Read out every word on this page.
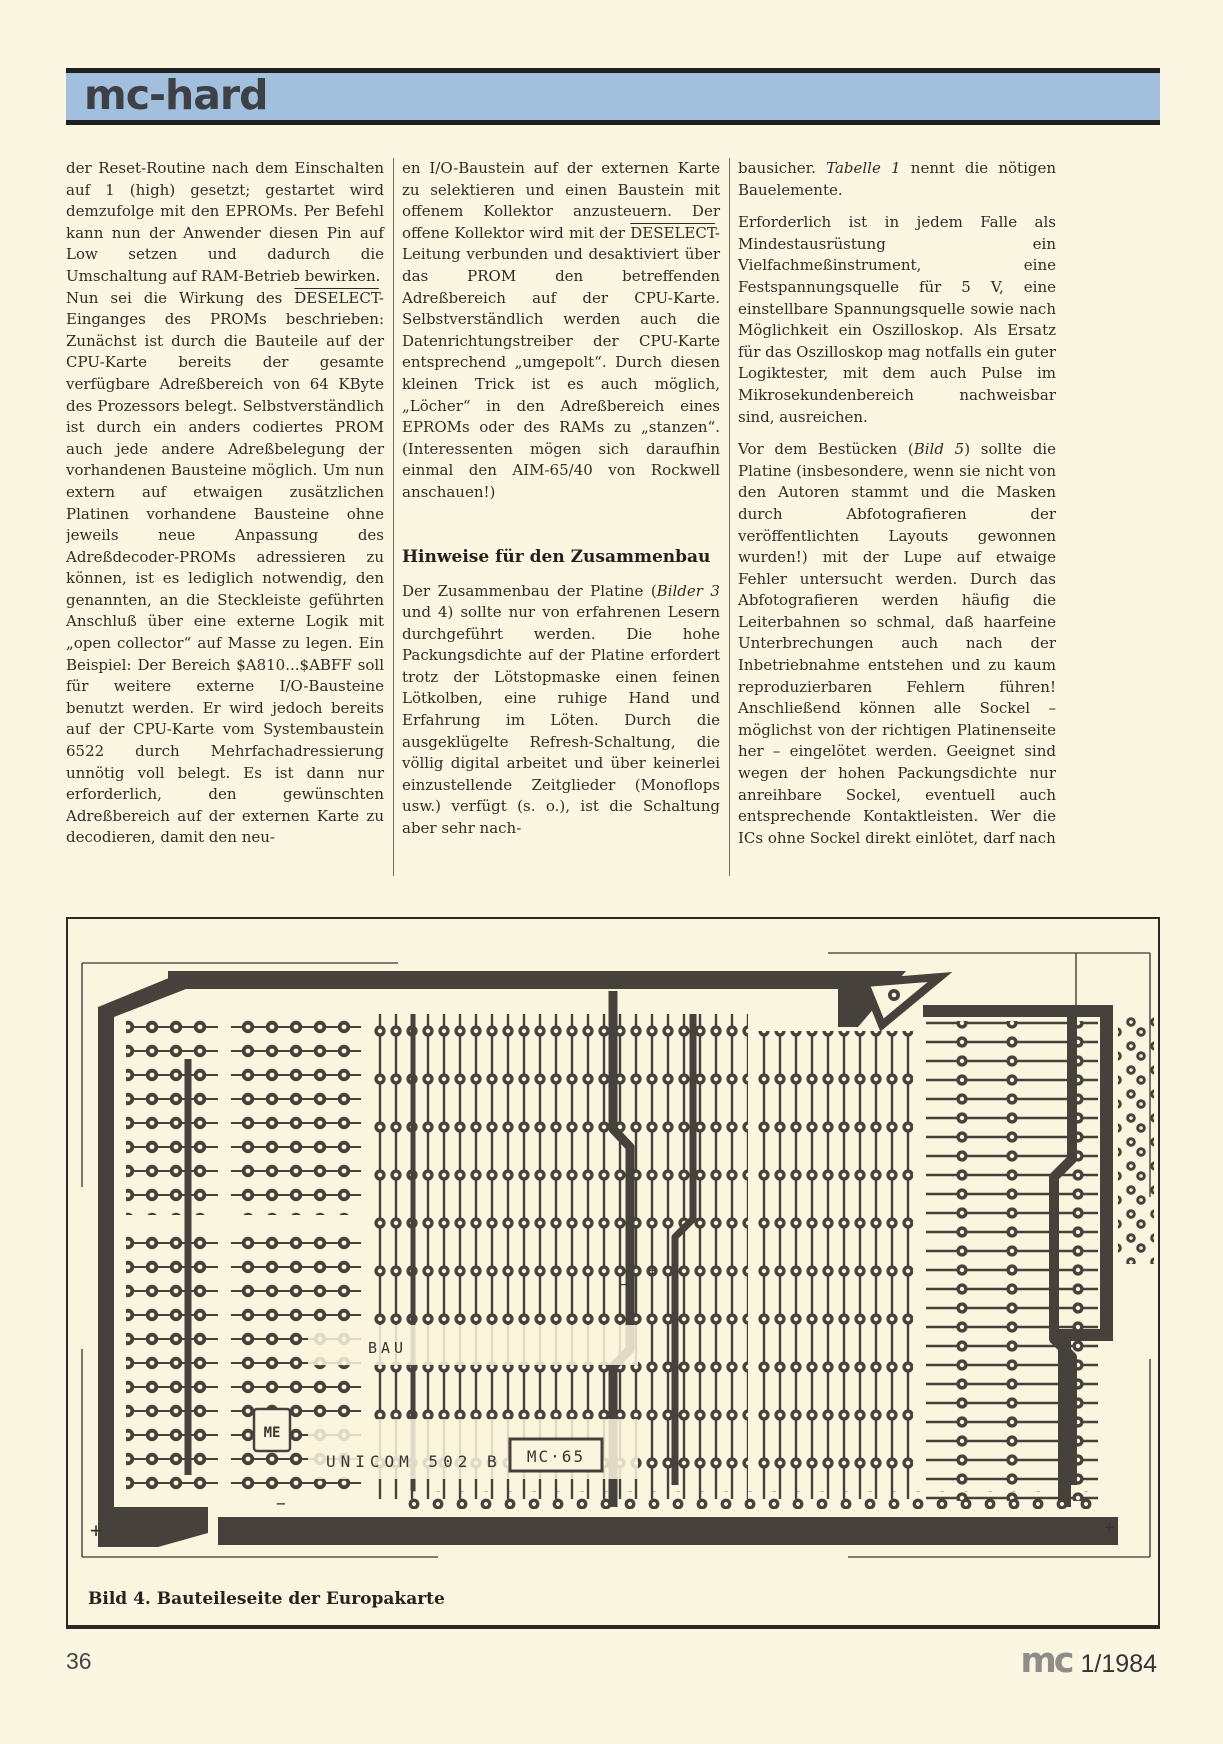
mc-hard

der Reset-Routine nach dem Einschalten auf 1 (high) gesetzt; gestartet wird demzufolge mit den EPROMs. Per Befehl kann nun der Anwender diesen Pin auf Low setzen und dadurch die Umschaltung auf RAM-Betrieb bewirken.

Nun sei die Wirkung des DESELECT-Einganges des PROMs beschrieben: Zunächst ist durch die Bauteile auf der CPU-Karte bereits der gesamte verfügbare Adreßbereich von 64 KByte des Prozessors belegt. Selbstverständlich ist durch ein anders codiertes PROM auch jede andere Adreßbelegung der vorhandenen Bausteine möglich. Um nun extern auf etwaigen zusätzlichen Platinen vorhandene Bausteine ohne jeweils neue Anpassung des Adreßdecoder-PROMs adressieren zu können, ist es lediglich notwendig, den genannten, an die Steckleiste geführten Anschluß über eine externe Logik mit „open collector“ auf Masse zu legen. Ein Beispiel: Der Bereich $A810...$ABFF soll für weitere externe I/O-Bausteine benutzt werden. Er wird jedoch bereits auf der CPU-Karte vom Systembaustein 6522 durch Mehrfachadressierung unnötig voll belegt. Es ist dann nur erforderlich, den gewünschten Adreßbereich auf der externen Karte zu decodieren, damit den neu-

en I/O-Baustein auf der externen Karte zu selektieren und einen Baustein mit offenem Kollektor anzusteuern. Der offene Kollektor wird mit der DESELECT-Leitung verbunden und desaktiviert über das PROM den betreffenden Adreßbereich auf der CPU-Karte. Selbstverständlich werden auch die Datenrichtungstreiber der CPU-Karte entsprechend „umgepolt“. Durch diesen kleinen Trick ist es auch möglich, „Löcher“ in den Adreßbereich eines EPROMs oder des RAMs zu „stanzen“. (Interessenten mögen sich daraufhin einmal den AIM-65/40 von Rockwell anschauen!)

Hinweise für den Zusammenbau

Der Zusammenbau der Platine (Bilder 3 und 4) sollte nur von erfahrenen Lesern durchgeführt werden. Die hohe Packungsdichte auf der Platine erfordert trotz der Lötstopmaske einen feinen Lötkolben, eine ruhige Hand und Erfahrung im Löten. Durch die ausgeklügelte Refresh-Schaltung, die völlig digital arbeitet und über keinerlei einzustellende Zeitglieder (Monoflops usw.) verfügt (s. o.), ist die Schaltung aber sehr nach-

bausicher. Tabelle 1 nennt die nötigen Bauelemente.

Erforderlich ist in jedem Falle als Mindestausrüstung ein Vielfachmeßinstrument, eine Festspannungsquelle für 5 V, eine einstellbare Spannungsquelle sowie nach Möglichkeit ein Oszilloskop. Als Ersatz für das Oszilloskop mag notfalls ein guter Logiktester, mit dem auch Pulse im Mikrosekundenbereich nachweisbar sind, ausreichen.

Vor dem Bestücken (Bild 5) sollte die Platine (insbesondere, wenn sie nicht von den Autoren stammt und die Masken durch Abfotografieren der veröffentlichten Layouts gewonnen wurden!) mit der Lupe auf etwaige Fehler untersucht werden. Durch das Abfotografieren werden häufig die Leiterbahnen so schmal, daß haarfeine Unterbrechungen auch nach der Inbetriebnahme entstehen und zu kaum reproduzierbaren Fehlern führen! Anschließend können alle Sockel – möglichst von der richtigen Platinenseite her – eingelötet werden. Geeignet sind wegen der hohen Packungsdichte nur anreihbare Sockel, eventuell auch entsprechende Kontaktleisten. Wer die ICs ohne Sockel direkt einlötet, darf nach

BAU
ME
UNICOM 502 B MC·65
+
−
+
−
+
Bild 4. Bauteileseite der Europakarte
36	mc 1/1984
